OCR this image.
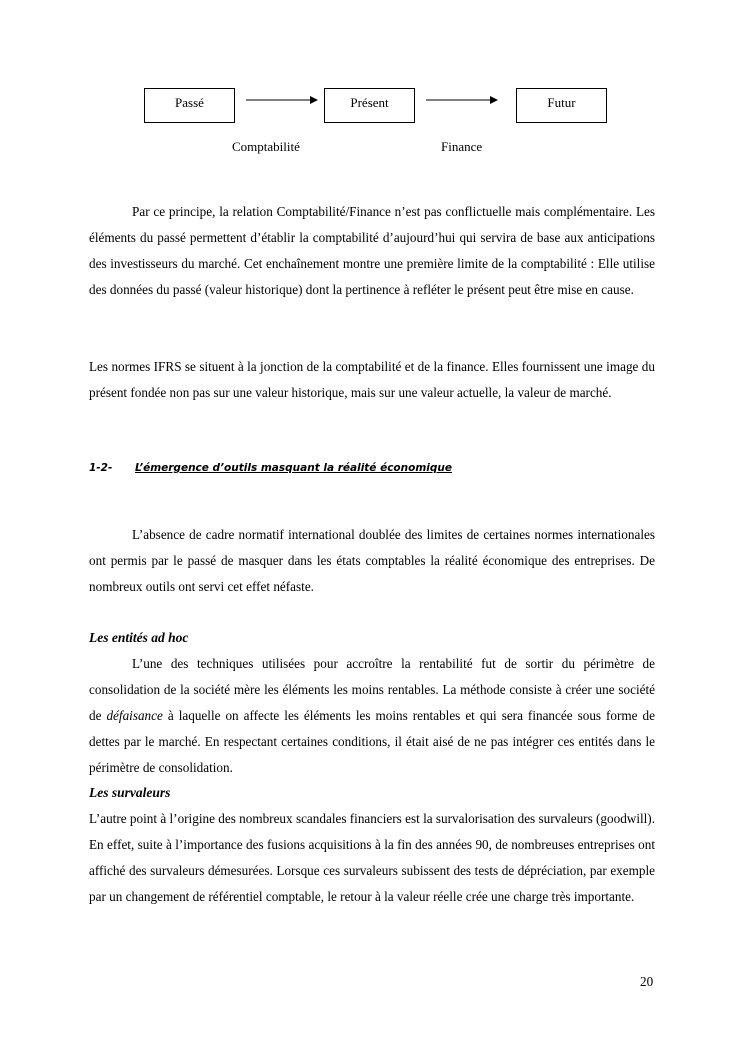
Passé	Présent	Futur
Comptabilité	Finance

Par ce principe, la relation Comptabilité/Finance n’est pas conflictuelle mais complémentaire. Les éléments du passé permettent d’établir la comptabilité d’aujourd’hui qui servira de base aux anticipations des investisseurs du marché. Cet enchaînement montre une première limite de la comptabilité : Elle utilise des données du passé (valeur historique) dont la pertinence à refléter le présent peut être mise en cause.

Les normes IFRS se situent à la jonction de la comptabilité et de la finance. Elles fournissent une image du présent fondée non pas sur une valeur historique, mais sur une valeur actuelle, la valeur de marché.

1-2- L’émergence d’outils masquant la réalité économique

L’absence de cadre normatif international doublée des limites de certaines normes internationales ont permis par le passé de masquer dans les états comptables la réalité économique des entreprises. De nombreux outils ont servi cet effet néfaste.

Les entités ad hoc

L’une des techniques utilisées pour accroître la rentabilité fut de sortir du périmètre de consolidation de la société mère les éléments les moins rentables. La méthode consiste à créer une société de défaisance à laquelle on affecte les éléments les moins rentables et qui sera financée sous forme de dettes par le marché. En respectant certaines conditions, il était aisé de ne pas intégrer ces entités dans le périmètre de consolidation.

Les survaleurs

L’autre point à l’origine des nombreux scandales financiers est la survalorisation des survaleurs (goodwill). En effet, suite à l’importance des fusions acquisitions à la fin des années 90, de nombreuses entreprises ont affiché des survaleurs démesurées. Lorsque ces survaleurs subissent des tests de dépréciation, par exemple par un changement de référentiel comptable, le retour à la valeur réelle crée une charge très importante.

20
